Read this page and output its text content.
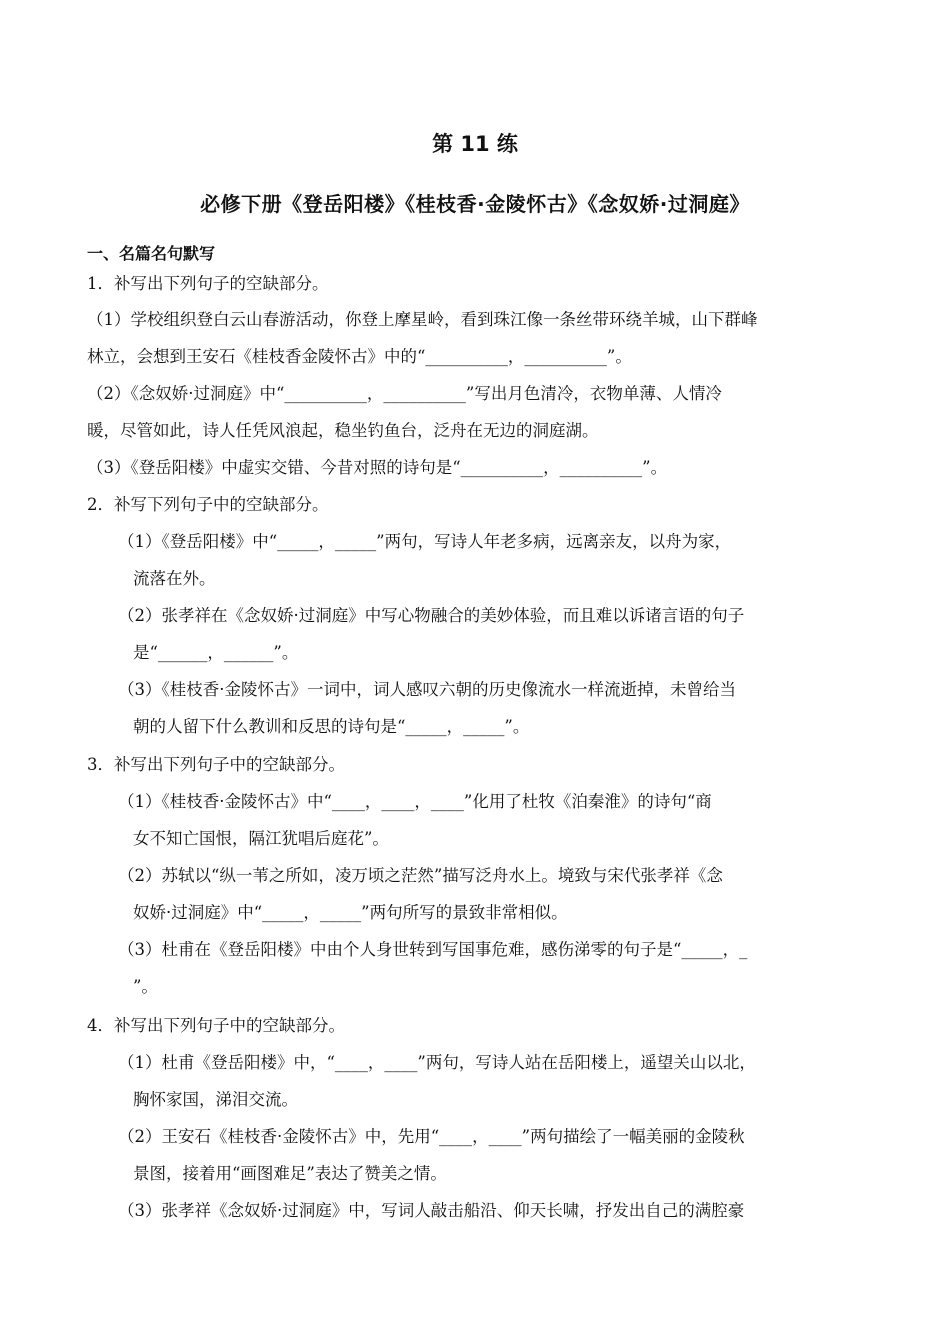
第 11 练
必修下册《登岳阳楼》《桂枝香·金陵怀古》《念奴娇·过洞庭》
一、名篇名句默写
1．补写出下列句子的空缺部分。
（1）学校组织登白云山春游活动，你登上摩星岭，看到珠江像一条丝带环绕羊城，山下群峰
林立，会想到王安石《桂枝香金陵怀古》中的“__________，__________”。
（2）《念奴娇·过洞庭》中“__________，__________”写出月色清冷，衣物单薄、人情冷
暖，尽管如此，诗人任凭风浪起，稳坐钓鱼台，泛舟在无边的洞庭湖。
（3）《登岳阳楼》中虚实交错、今昔对照的诗句是“__________，__________”。
2．补写下列句子中的空缺部分。
（1）《登岳阳楼》中“_____，_____”两句，写诗人年老多病，远离亲友，以舟为家，
流落在外。
（2）张孝祥在《念奴娇·过洞庭》中写心物融合的美妙体验，而且难以诉诸言语的句子
是“______，______”。
（3）《桂枝香·金陵怀古》一词中，词人感叹六朝的历史像流水一样流逝掉，未曾给当
朝的人留下什么教训和反思的诗句是“_____，_____”。
3．补写出下列句子中的空缺部分。
（1）《桂枝香·金陵怀古》中“____，____，____”化用了杜牧《泊秦淮》的诗句“商
女不知亡国恨，隔江犹唱后庭花”。
（2）苏轼以“纵一苇之所如，凌万顷之茫然”描写泛舟水上。境致与宋代张孝祥《念
奴娇·过洞庭》中“_____，_____”两句所写的景致非常相似。
（3）杜甫在《登岳阳楼》中由个人身世转到写国事危难，感伤涕零的句子是“_____，_
”。
4．补写出下列句子中的空缺部分。
（1）杜甫《登岳阳楼》中，“____，____”两句，写诗人站在岳阳楼上，遥望关山以北，
胸怀家国，涕泪交流。
（2）王安石《桂枝香·金陵怀古》中，先用“____，____”两句描绘了一幅美丽的金陵秋
景图，接着用“画图难足”表达了赞美之情。
（3）张孝祥《念奴娇·过洞庭》中，写词人敲击船沿、仰天长啸，抒发出自己的满腔豪
